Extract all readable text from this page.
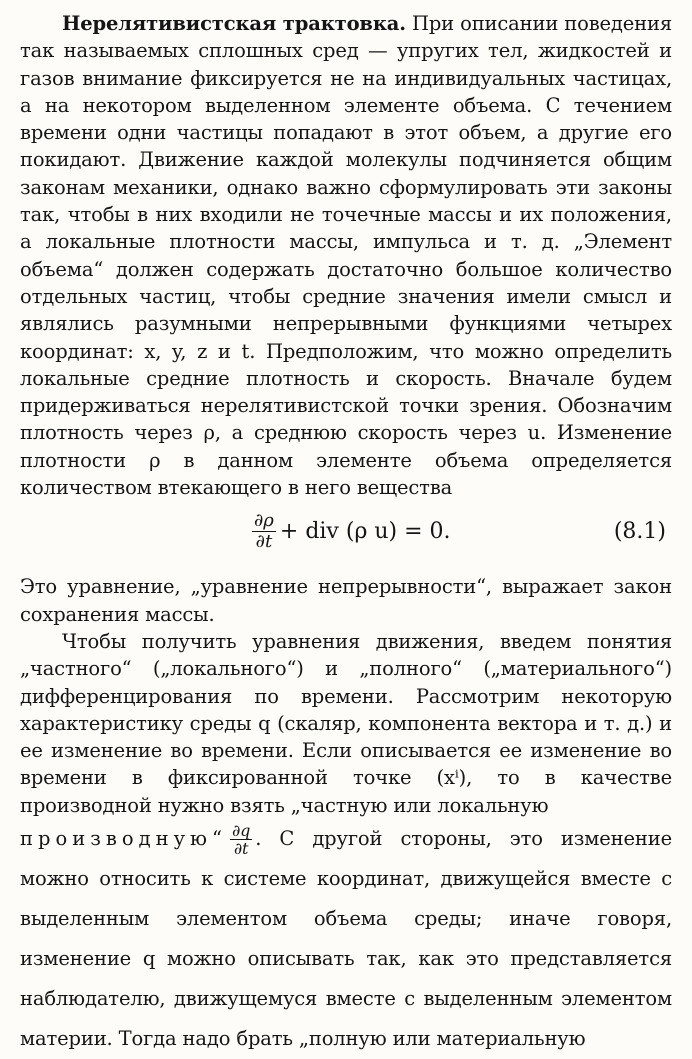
Нерелятивистская трактовка. При описании поведения так называемых сплошных сред — упругих тел, жидкостей и газов внимание фиксируется не на индивидуальных частицах, а на некотором выделенном элементе объема. С течением времени одни частицы попадают в этот объем, а другие его покидают. Движение каждой молекулы подчиняется общим законам механики, однако важно сформулировать эти законы так, чтобы в них входили не точечные массы и их положения, а локальные плотности массы, импульса и т. д. „Элемент объема“ должен содержать достаточно большое количество отдельных частиц, чтобы средние значения имели смысл и являлись разумными непрерывными функциями четырех координат: x, y, z и t. Предположим, что можно определить локальные средние плотность и скорость. Вначале будем придерживаться нерелятивистской точки зрения. Обозначим плотность через ρ, а среднюю скорость через u. Изменение плотности ρ в данном элементе объема определяется количеством втекающего в него вещества

$\frac{\partial\rho}{\partial t}$ + div (ρ u) = 0.	(8.1)

Это уравнение, „уравнение непрерывности“, выражает закон сохранения массы.

Чтобы получить уравнения движения, введем понятия „частного“ („локального“) и „полного“ („материального“) дифференцирования по времени. Рассмотрим некоторую характеристику среды q (скаляр, компонента вектора и т. д.) и ее изменение во времени. Если описывается ее изменение во времени в фиксированной точке (xⁱ), то в качестве производной нужно взять „частную или локальную

производную“ $\frac{\partial q}{\partial t}$ . С другой стороны, это изменение можно относить к системе координат, движущейся вместе с выделенным элементом объема среды; иначе говоря, изменение q можно описывать так, как это представляется наблюдателю, движущемуся вместе с выделенным элементом материи. Тогда надо брать „полную или материальную
